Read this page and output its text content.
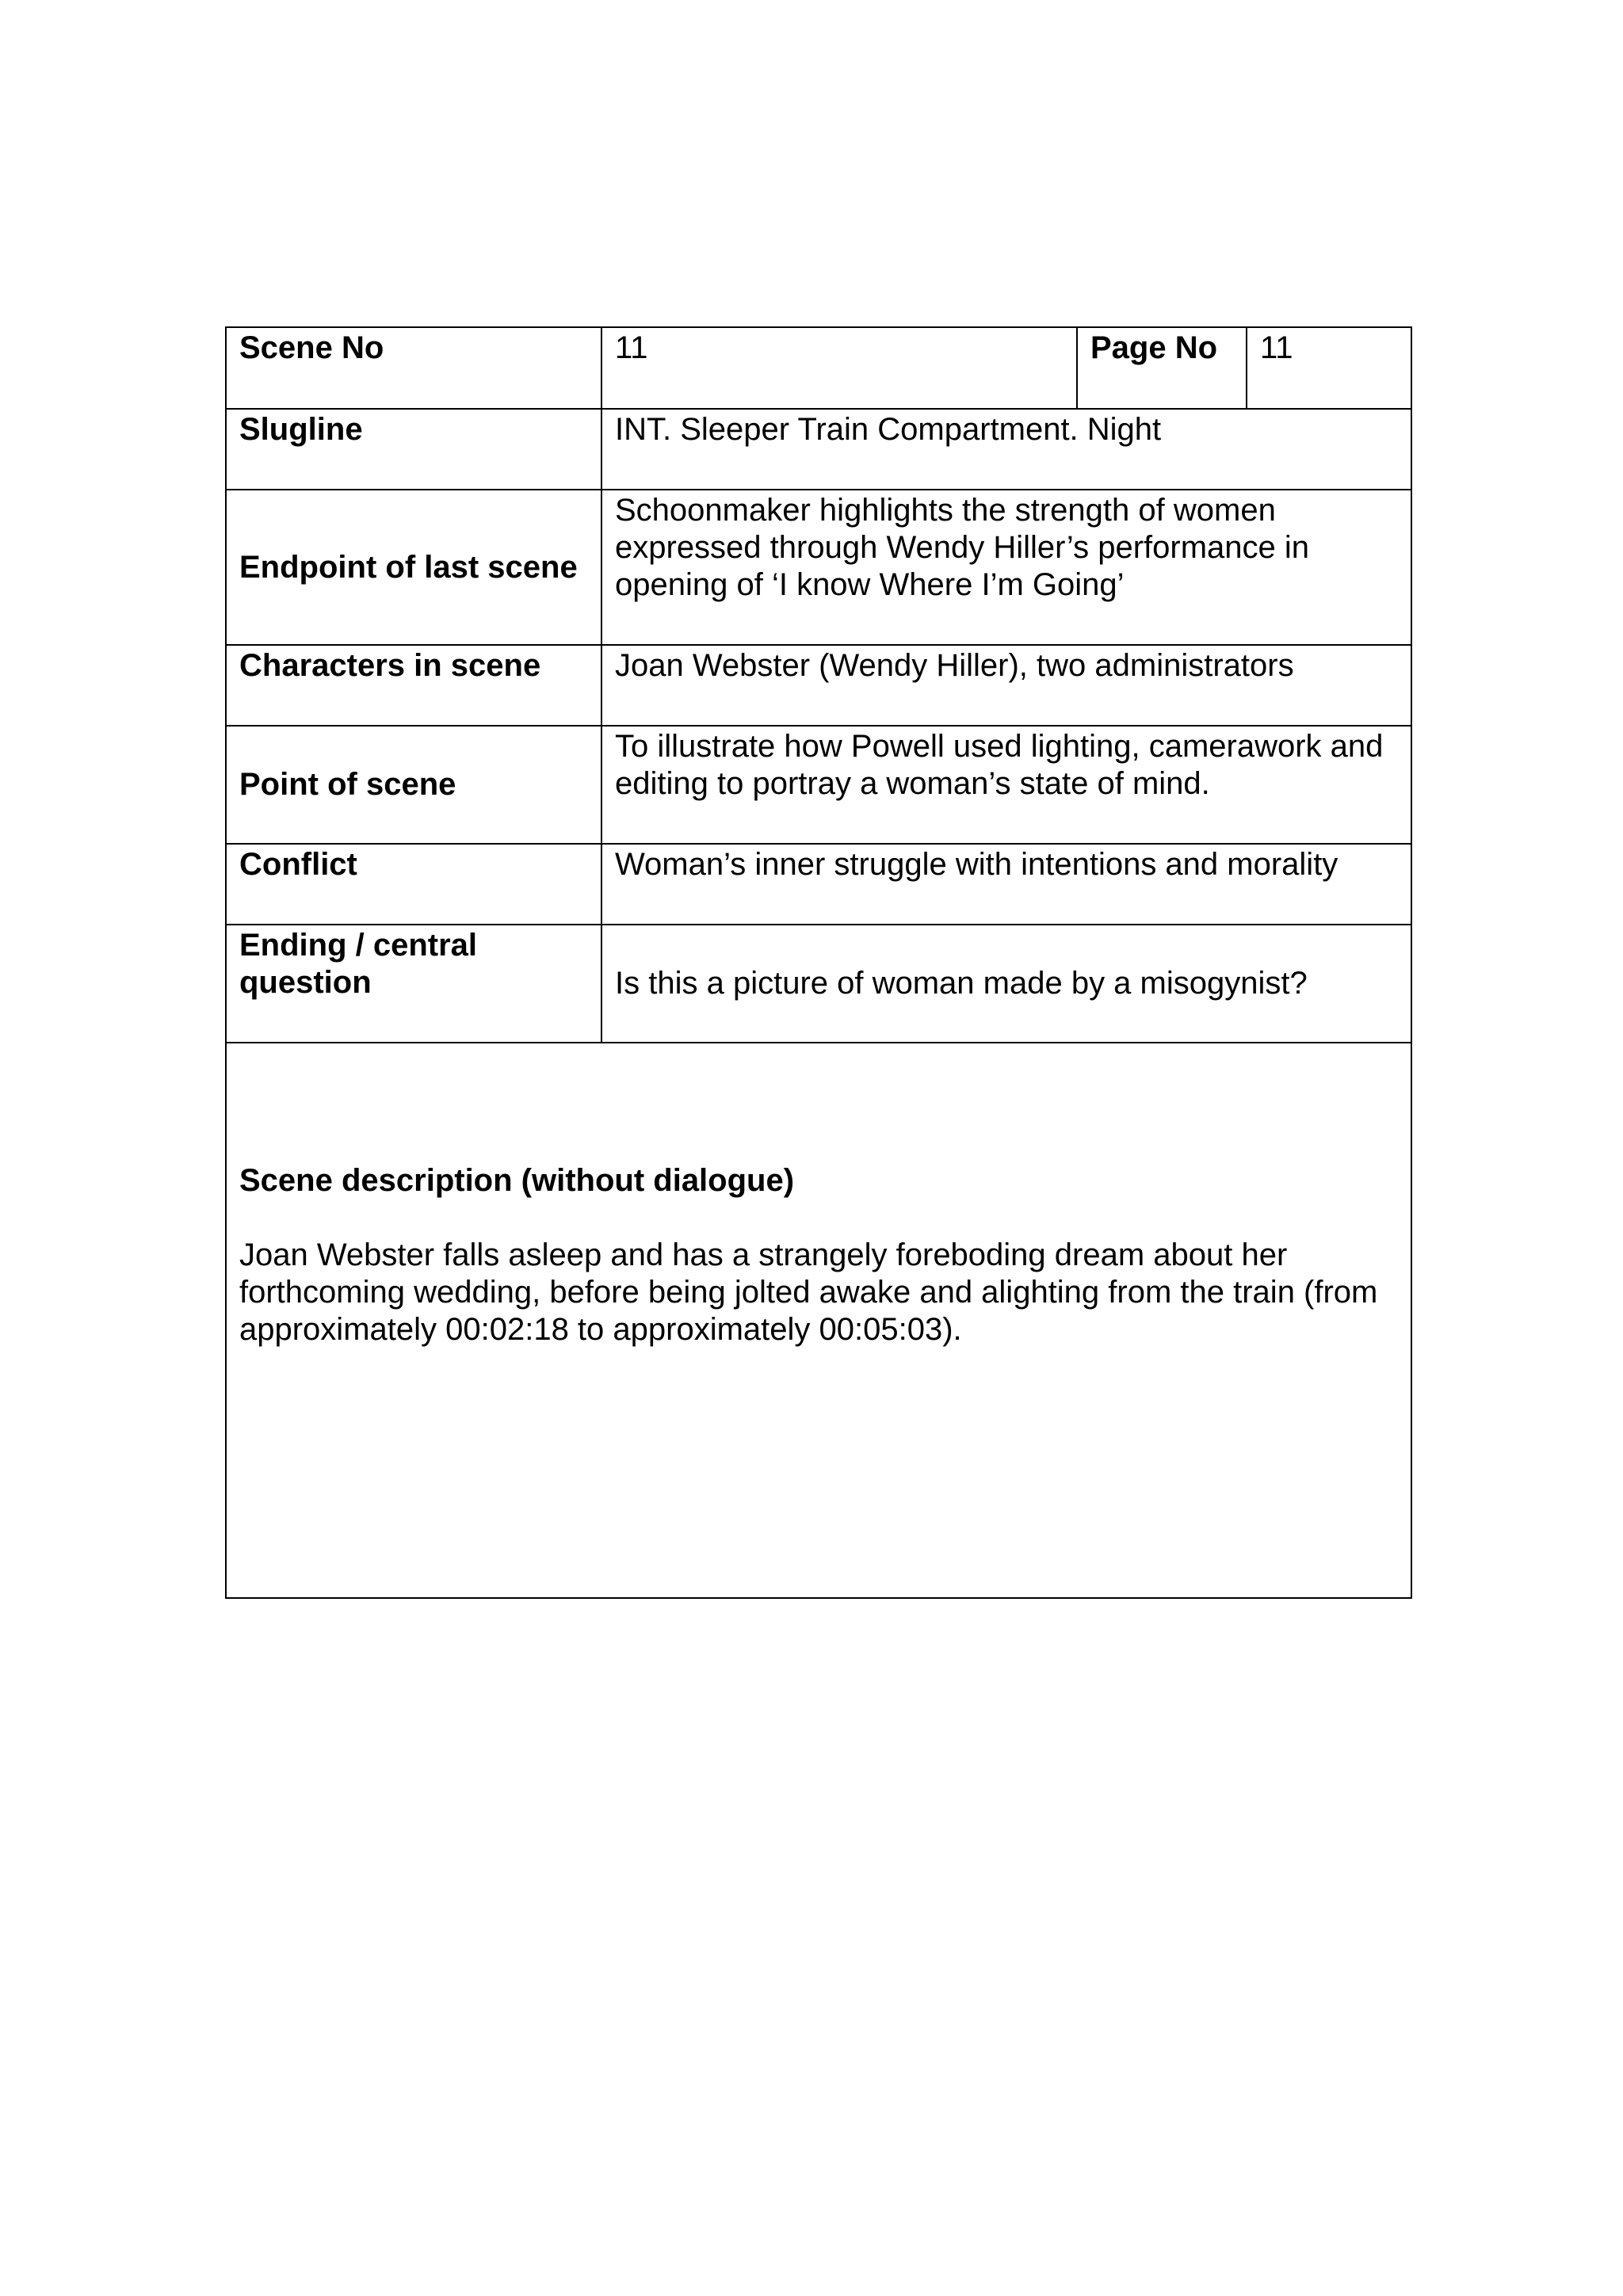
Scene No	11	Page No	11
Slugline	INT. Sleeper Train Compartment. Night		
Endpoint of last scene	Schoonmaker highlights the strength of women expressed through Wendy Hiller’s performance in opening of ‘I know Where I’m Going’		
Characters in scene	Joan Webster (Wendy Hiller), two administrators		
Point of scene	To illustrate how Powell used lighting, camerawork and editing to portray a woman’s state of mind.		
Conflict	Woman’s inner struggle with intentions and morality		
Ending / central question	Is this a picture of woman made by a misogynist?		

Scene description (without dialogue)

Joan Webster falls asleep and has a strangely foreboding dream about her forthcoming wedding, before being jolted awake and alighting from the train (from approximately 00:02:18 to approximately 00:05:03).			
